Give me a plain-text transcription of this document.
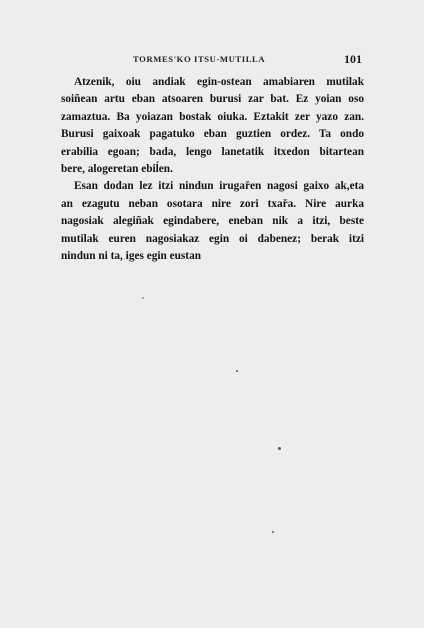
TORMES'KO ITSU-MUTILLA	101
Atzenik, oiu andiak egin-ostean amabiaren mutilak
soiñean artu eban atsoaren burusi zar bat. Ez yoian oso
zamaztua. Ba yoiazan bostak oiuka. Eztakit zer yazo zan.
Burusi gaixoak pagatuko eban guztien ordez. Ta ondo
erabilia egoan; bada, lengo lanetatik itxedon bitartean
bere, alogeretan ebiĺen.
Esan dodan lez itzi nindun irugařen nagosi gaixo ak,eta
an ezagutu neban osotara nire zori txařa. Nire aurka
nagosiak alegiñak egindabere, eneban nik a itzi, beste
mutilak euren nagosiakaz egin oi dabenez; berak itzi
nindun ni ta, iges egin eustan
